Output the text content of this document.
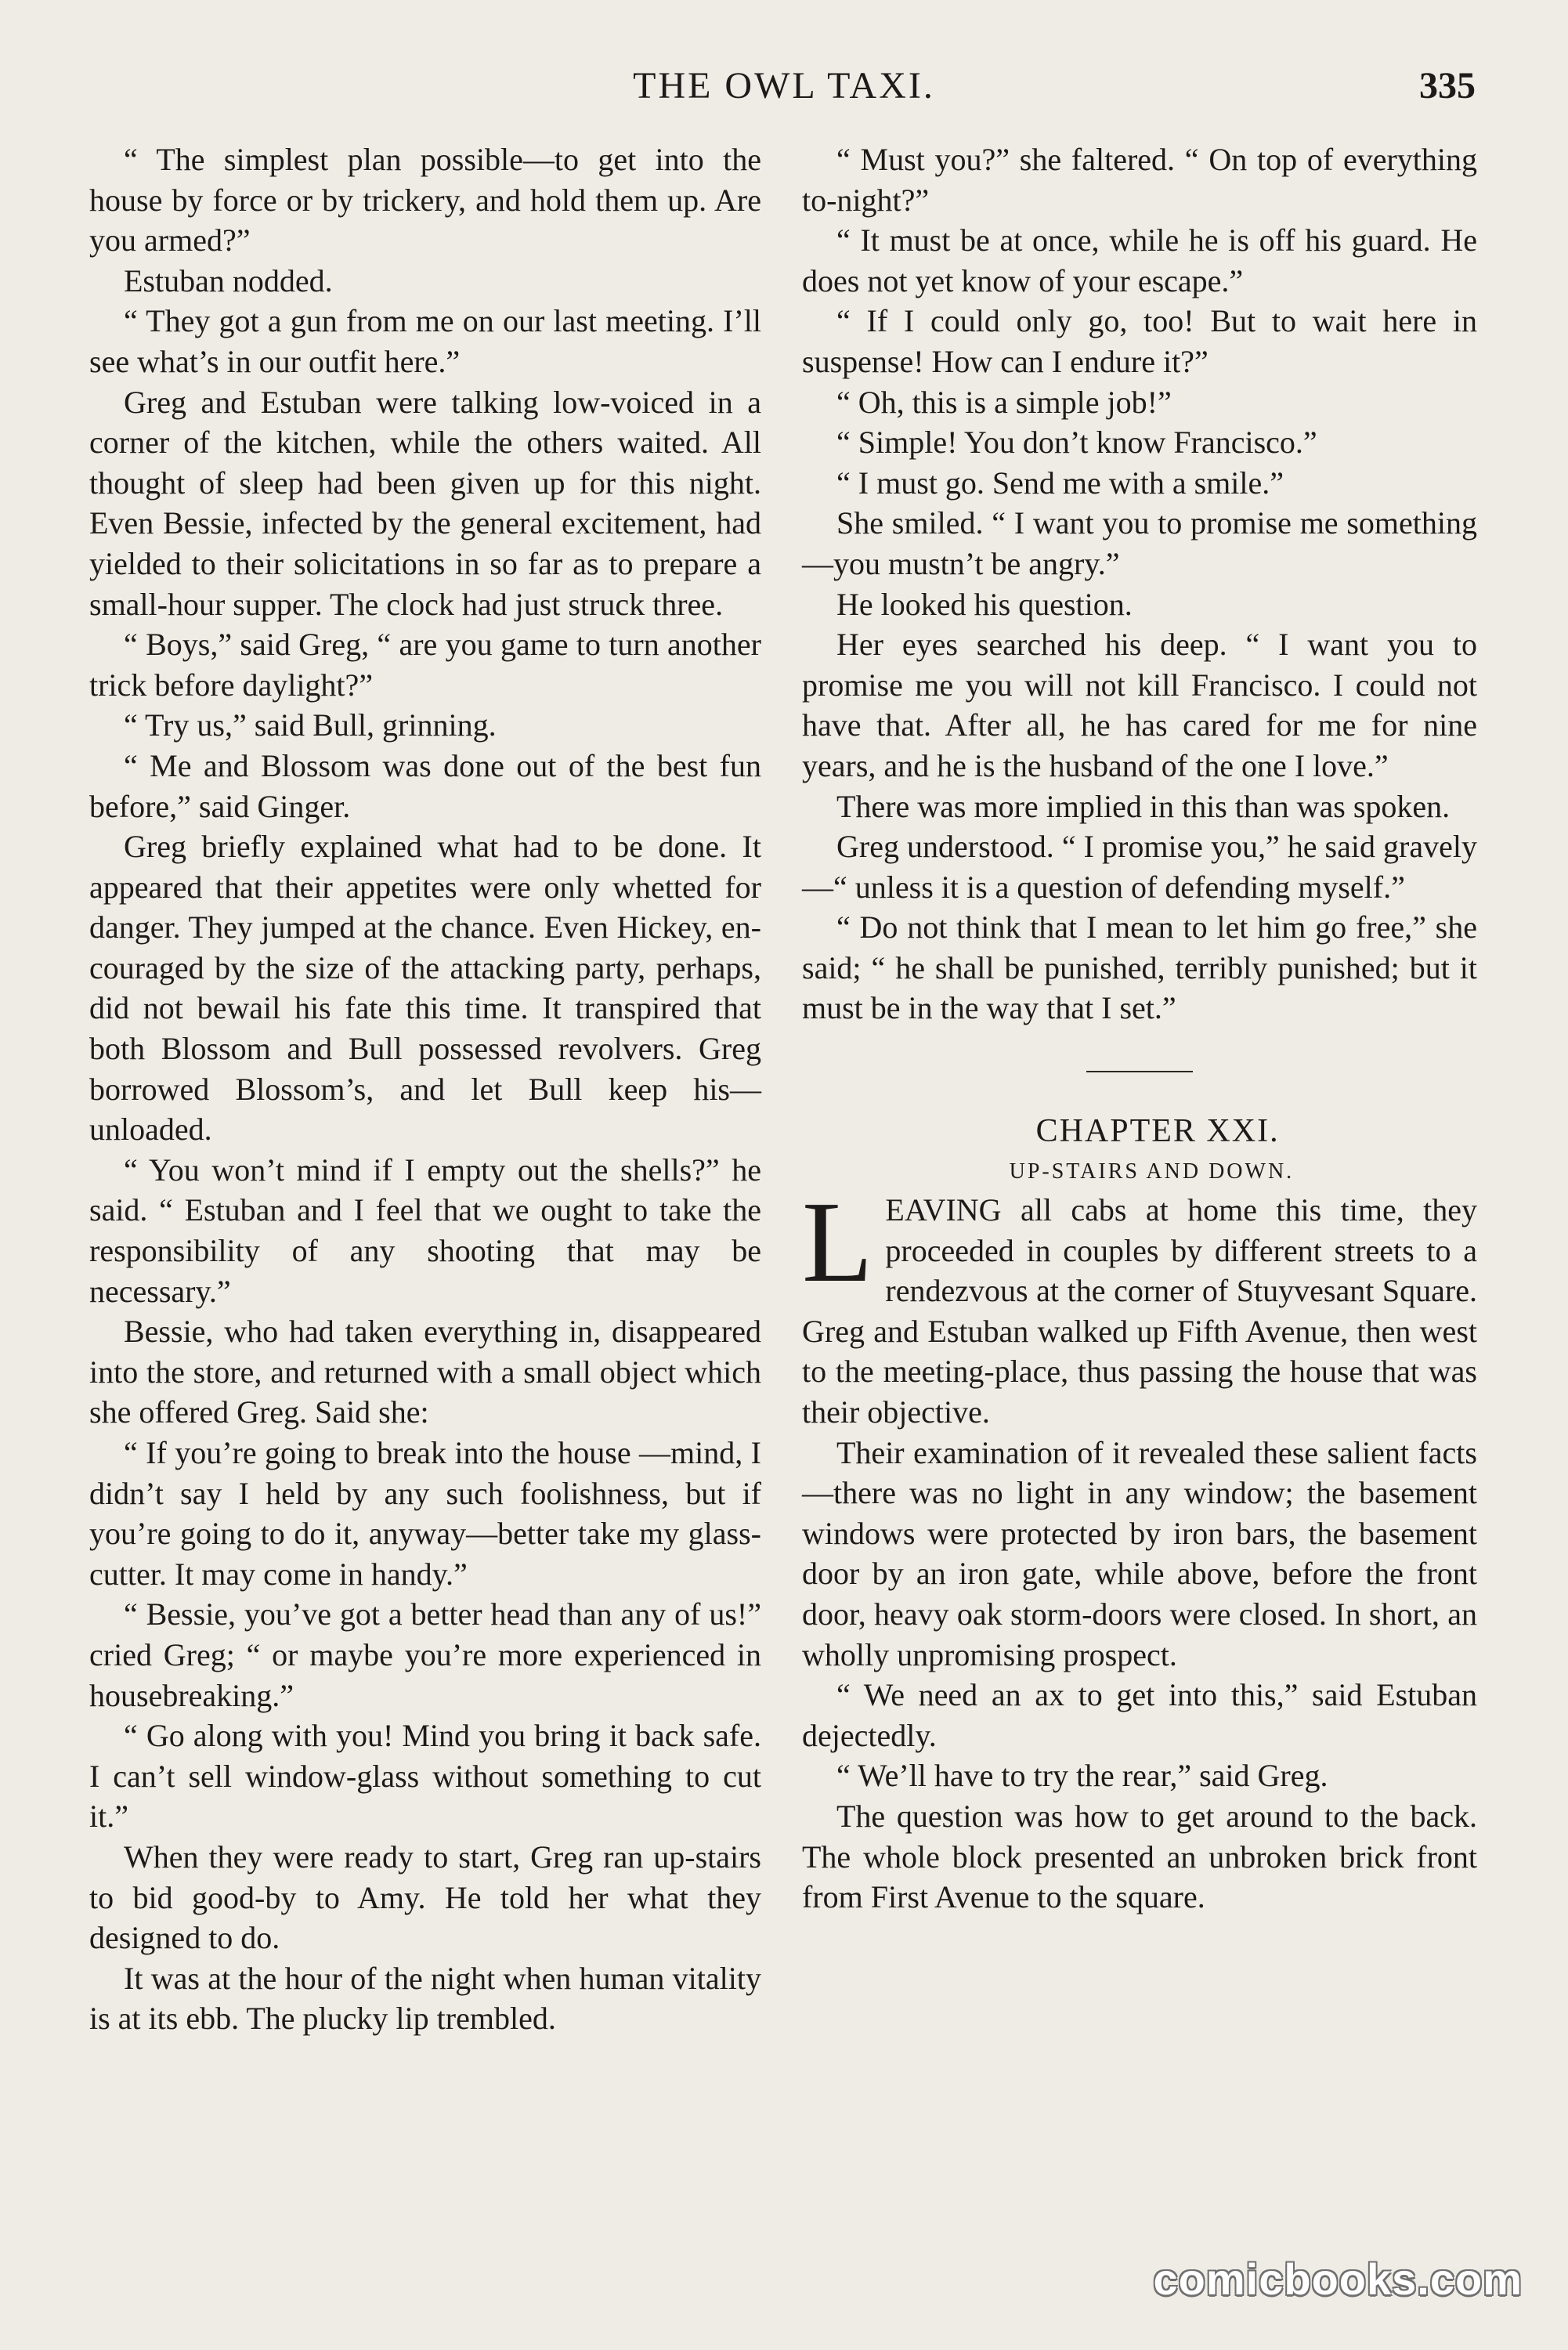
THE OWL TAXI.	335

“ The simplest plan possible—to get into the house by force or by trickery, and hold them up. Are you armed?”

Estuban nodded.

“ They got a gun from me on our last meeting. I’ll see what’s in our outfit here.”

Greg and Estuban were talking low-voiced in a corner of the kitchen, while the others waited. All thought of sleep had been given up for this night. Even Bessie, infected by the general excitement, had yielded to their solicitations in so far as to prepare a small-hour supper. The clock had just struck three.

“ Boys,” said Greg, “ are you game to turn another trick before daylight?”

“ Try us,” said Bull, grinning.

“ Me and Blossom was done out of the best fun before,” said Ginger.

Greg briefly explained what had to be done. It appeared that their appetites were only whetted for danger. They jumped at the chance. Even Hickey, encouraged by the size of the attacking party, perhaps, did not bewail his fate this time. It transpired that both Blossom and Bull possessed revolvers. Greg borrowed Blossom’s, and let Bull keep his—unloaded.

“ You won’t mind if I empty out the shells?” he said. “ Estuban and I feel that we ought to take the responsibility of any shooting that may be necessary.”

Bessie, who had taken everything in, disappeared into the store, and returned with a small object which she offered Greg. Said she:

“ If you’re going to break into the house —mind, I didn’t say I held by any such foolishness, but if you’re going to do it, anyway—better take my glass-cutter. It may come in handy.”

“ Bessie, you’ve got a better head than any of us!” cried Greg; “ or maybe you’re more experienced in housebreaking.”

“ Go along with you! Mind you bring it back safe. I can’t sell window-glass without something to cut it.”

When they were ready to start, Greg ran up-stairs to bid good-by to Amy. He told her what they designed to do.

It was at the hour of the night when human vitality is at its ebb. The plucky lip trembled.

“ Must you?” she faltered. “ On top of everything to-night?”

“ It must be at once, while he is off his guard. He does not yet know of your escape.”

“ If I could only go, too! But to wait here in suspense! How can I endure it?”

“ Oh, this is a simple job!”

“ Simple! You don’t know Francisco.”

“ I must go. Send me with a smile.”

She smiled. “ I want you to promise me something—you mustn’t be angry.”

He looked his question.

Her eyes searched his deep. “ I want you to promise me you will not kill Francisco. I could not have that. After all, he has cared for me for nine years, and he is the husband of the one I love.”

There was more implied in this than was spoken.

Greg understood. “ I promise you,” he said gravely—“ unless it is a question of defending myself.”

“ Do not think that I mean to let him go free,” she said; “ he shall be punished, terribly punished; but it must be in the way that I set.”

CHAPTER XXI.

UP-STAIRS AND DOWN.

LEAVING all cabs at home this time, they proceeded in couples by different streets to a rendezvous at the corner of Stuyvesant Square. Greg and Estuban walked up Fifth Avenue, then west to the meeting-place, thus passing the house that was their objective.

Their examination of it revealed these salient facts—there was no light in any window; the basement windows were protected by iron bars, the basement door by an iron gate, while above, before the front door, heavy oak storm-doors were closed. In short, an wholly unpromising prospect.

“ We need an ax to get into this,” said Estuban dejectedly.

“ We’ll have to try the rear,” said Greg.

The question was how to get around to the back. The whole block presented an unbroken brick front from First Avenue to the square.

comicbooks.com
